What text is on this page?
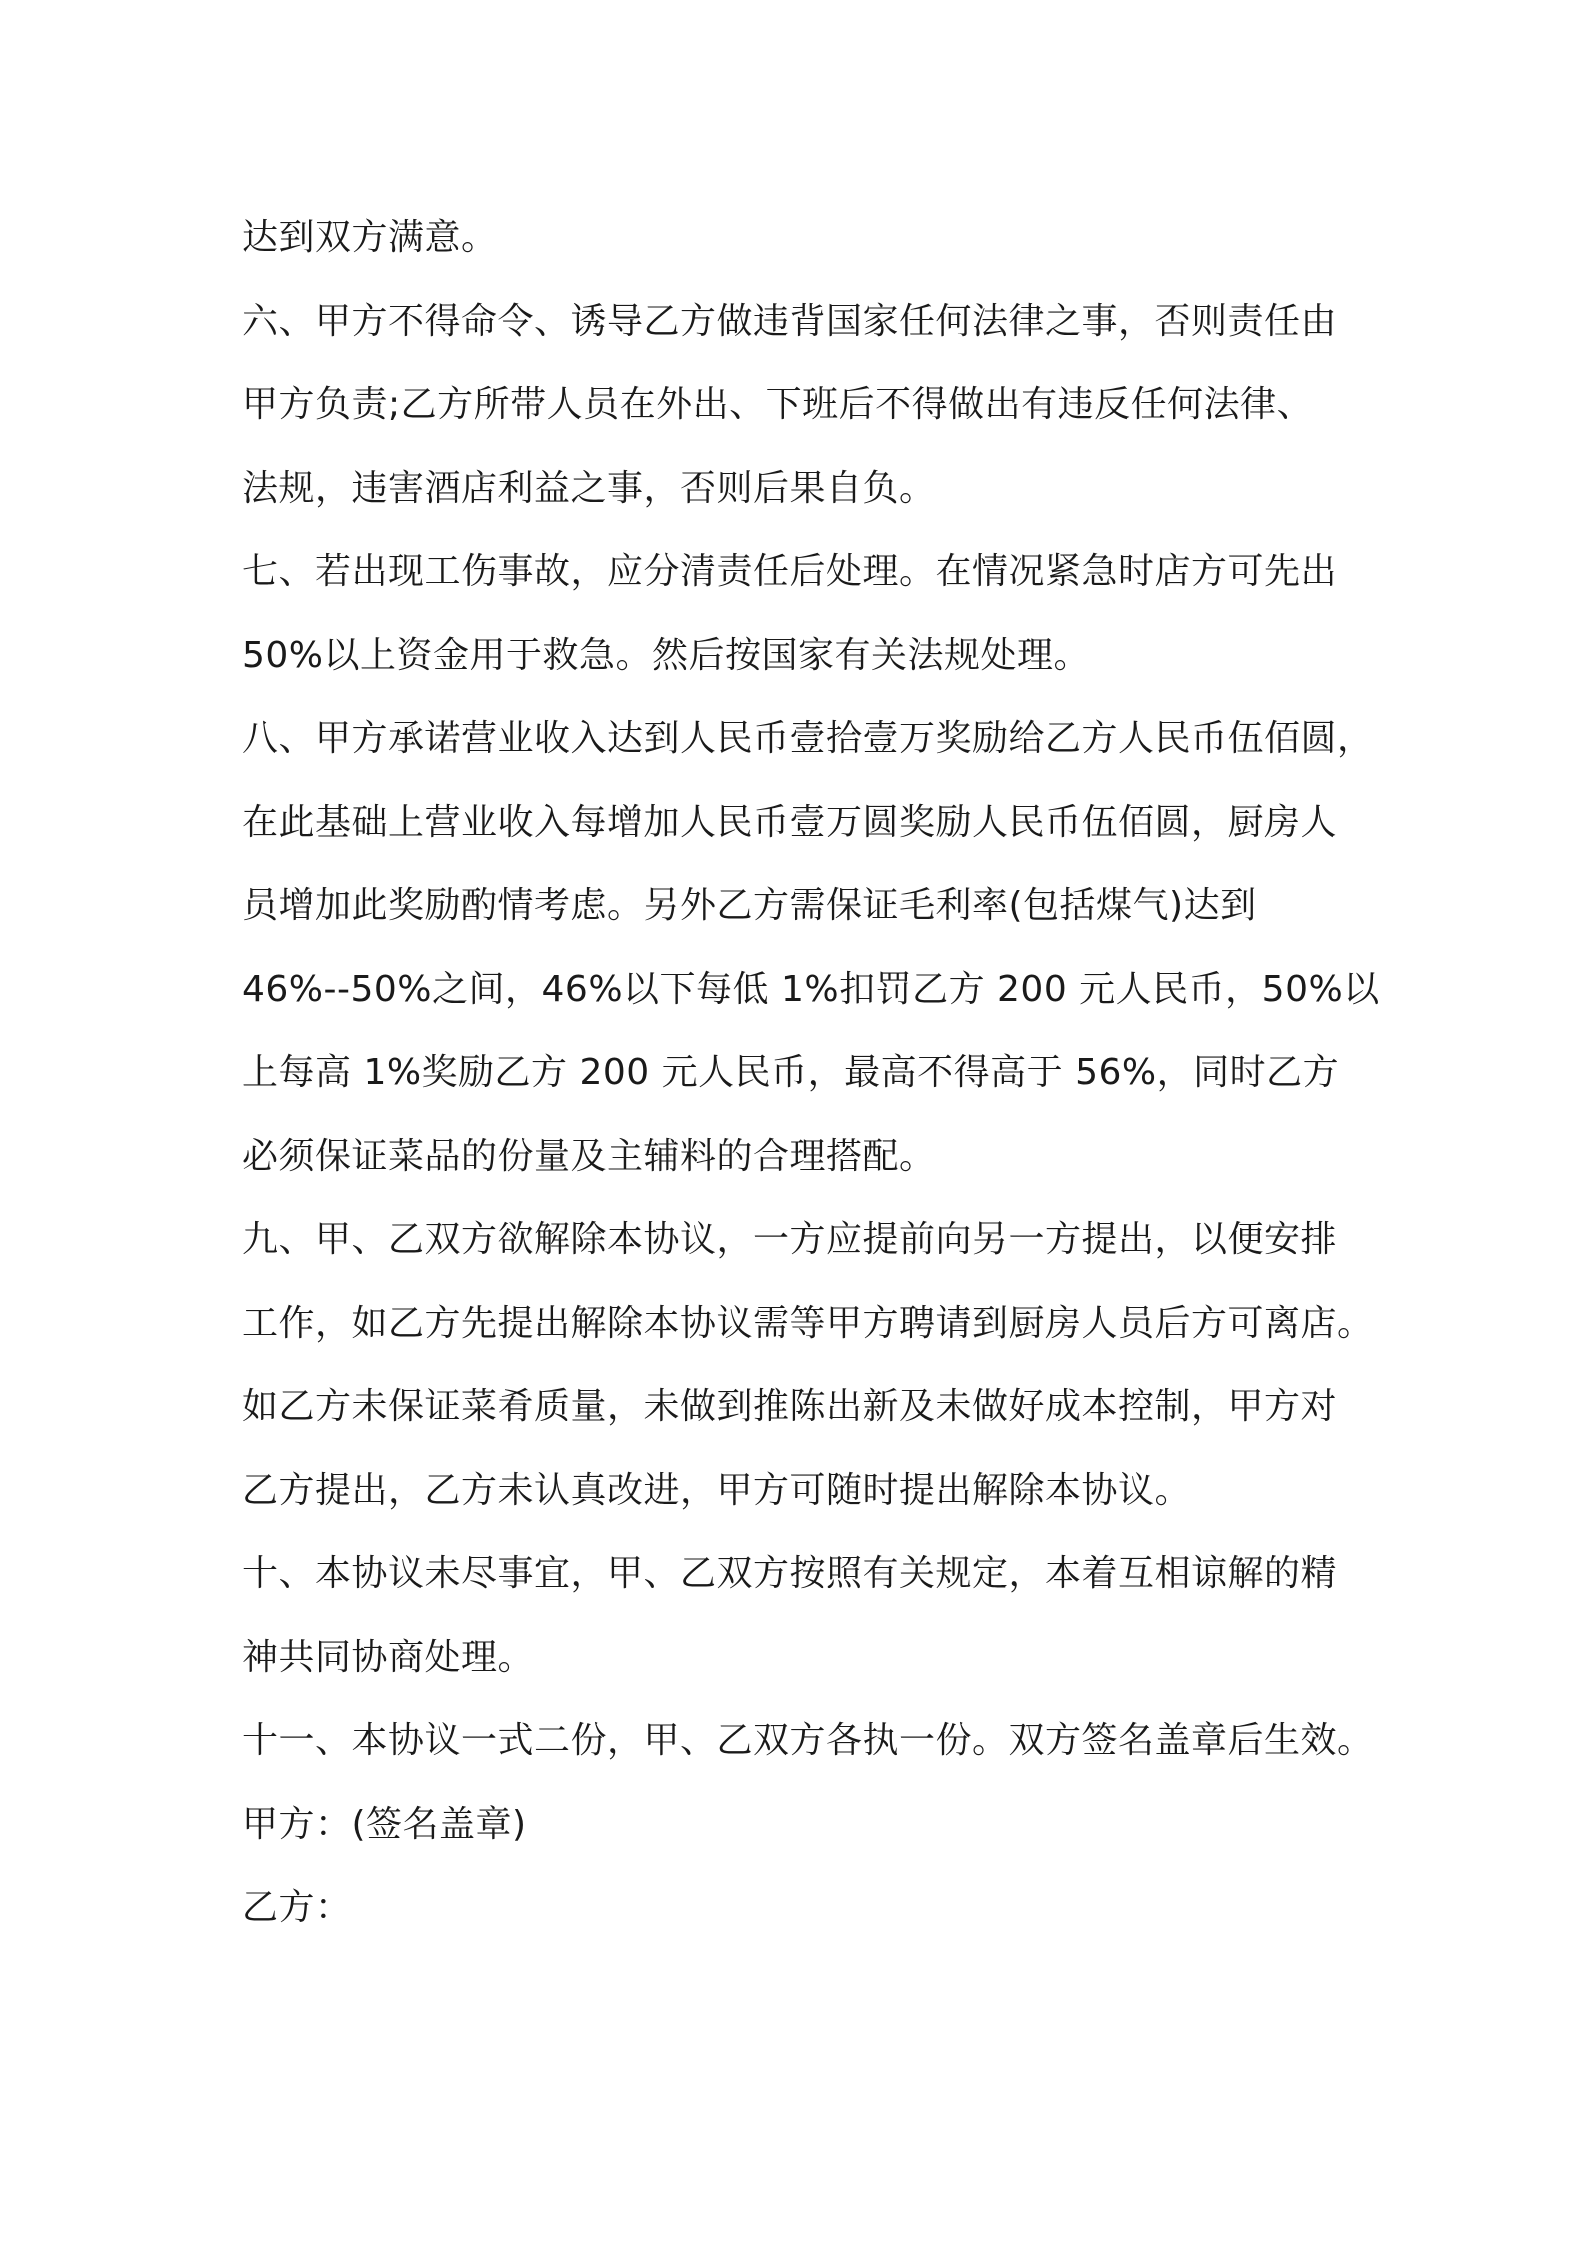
达到双方满意。
六、甲方不得命令、诱导乙方做违背国家任何法律之事，否则责任由
甲方负责;乙方所带人员在外出、下班后不得做出有违反任何法律、
法规，违害酒店利益之事，否则后果自负。
七、若出现工伤事故，应分清责任后处理。在情况紧急时店方可先出
50%以上资金用于救急。然后按国家有关法规处理。
八、甲方承诺营业收入达到人民币壹拾壹万奖励给乙方人民币伍佰圆，
在此基础上营业收入每增加人民币壹万圆奖励人民币伍佰圆，厨房人
员增加此奖励酌情考虑。另外乙方需保证毛利率(包括煤气)达到
46%--50%之间，46%以下每低 1%扣罚乙方 200 元人民币，50%以
上每高 1%奖励乙方 200 元人民币，最高不得高于 56%，同时乙方
必须保证菜品的份量及主辅料的合理搭配。
九、甲、乙双方欲解除本协议，一方应提前向另一方提出，以便安排
工作，如乙方先提出解除本协议需等甲方聘请到厨房人员后方可离店。
如乙方未保证菜肴质量，未做到推陈出新及未做好成本控制，甲方对
乙方提出，乙方未认真改进，甲方可随时提出解除本协议。
十、本协议未尽事宜，甲、乙双方按照有关规定，本着互相谅解的精
神共同协商处理。
十一、本协议一式二份，甲、乙双方各执一份。双方签名盖章后生效。
甲方：(签名盖章)
乙方：
